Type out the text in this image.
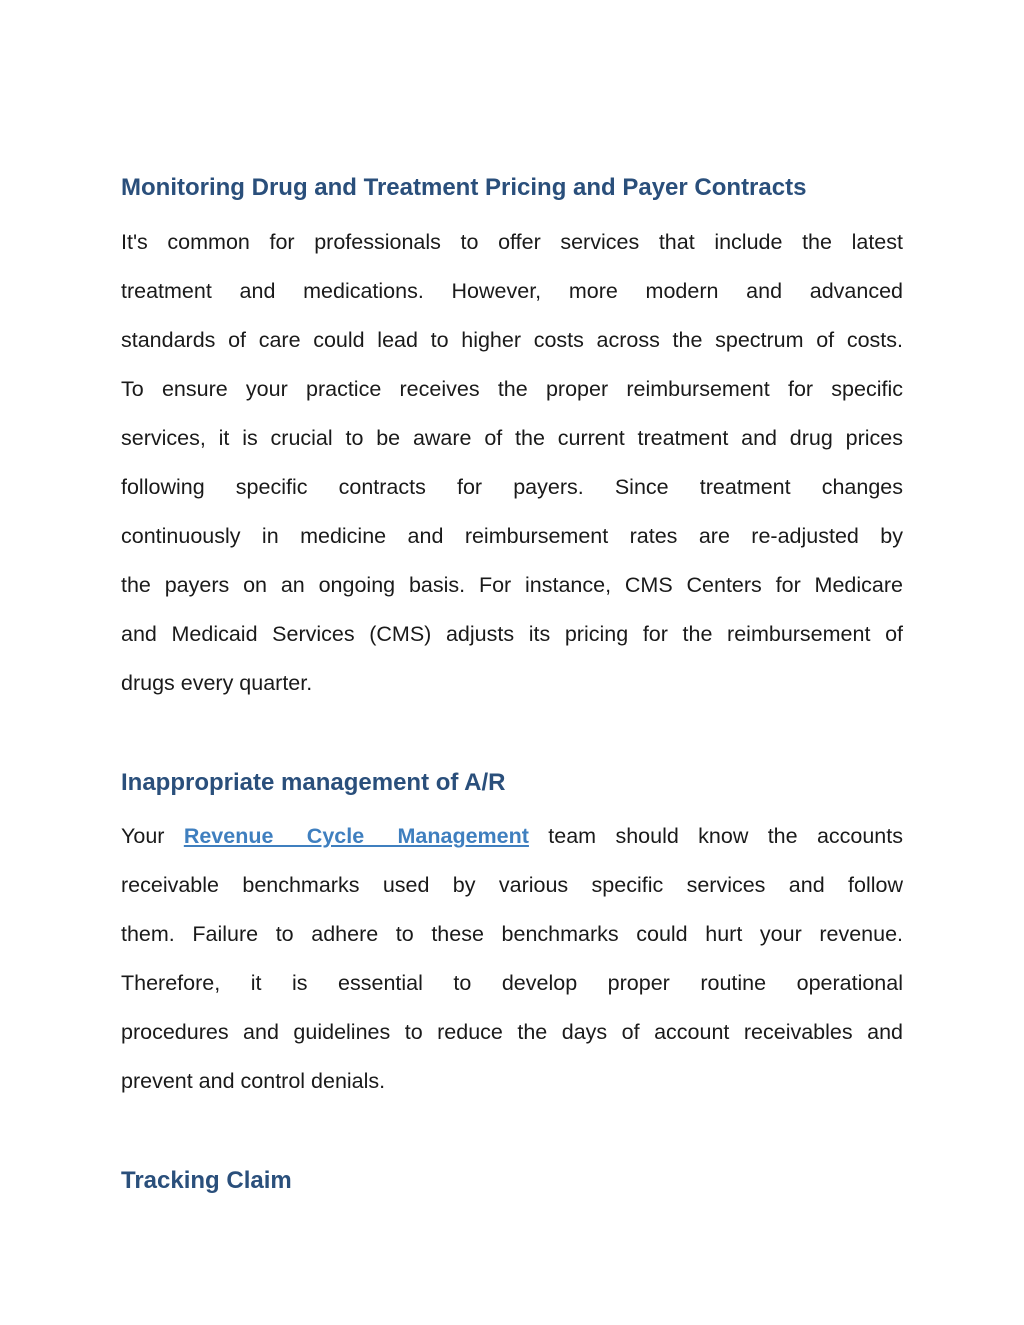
Monitoring Drug and Treatment Pricing and Payer Contracts

It's common for professionals to offer services that include the latest
treatment and medications. However, more modern and advanced
standards of care could lead to higher costs across the spectrum of costs.
To ensure your practice receives the proper reimbursement for specific
services, it is crucial to be aware of the current treatment and drug prices
following specific contracts for payers. Since treatment changes
continuously in medicine and reimbursement rates are re-adjusted by
the payers on an ongoing basis. For instance, CMS Centers for Medicare
and Medicaid Services (CMS) adjusts its pricing for the reimbursement of
drugs every quarter.

Inappropriate management of A/R

Your Revenue Cycle Management team should know the accounts
receivable benchmarks used by various specific services and follow
them. Failure to adhere to these benchmarks could hurt your revenue.
Therefore, it is essential to develop proper routine operational
procedures and guidelines to reduce the days of account receivables and
prevent and control denials.

Tracking Claim
